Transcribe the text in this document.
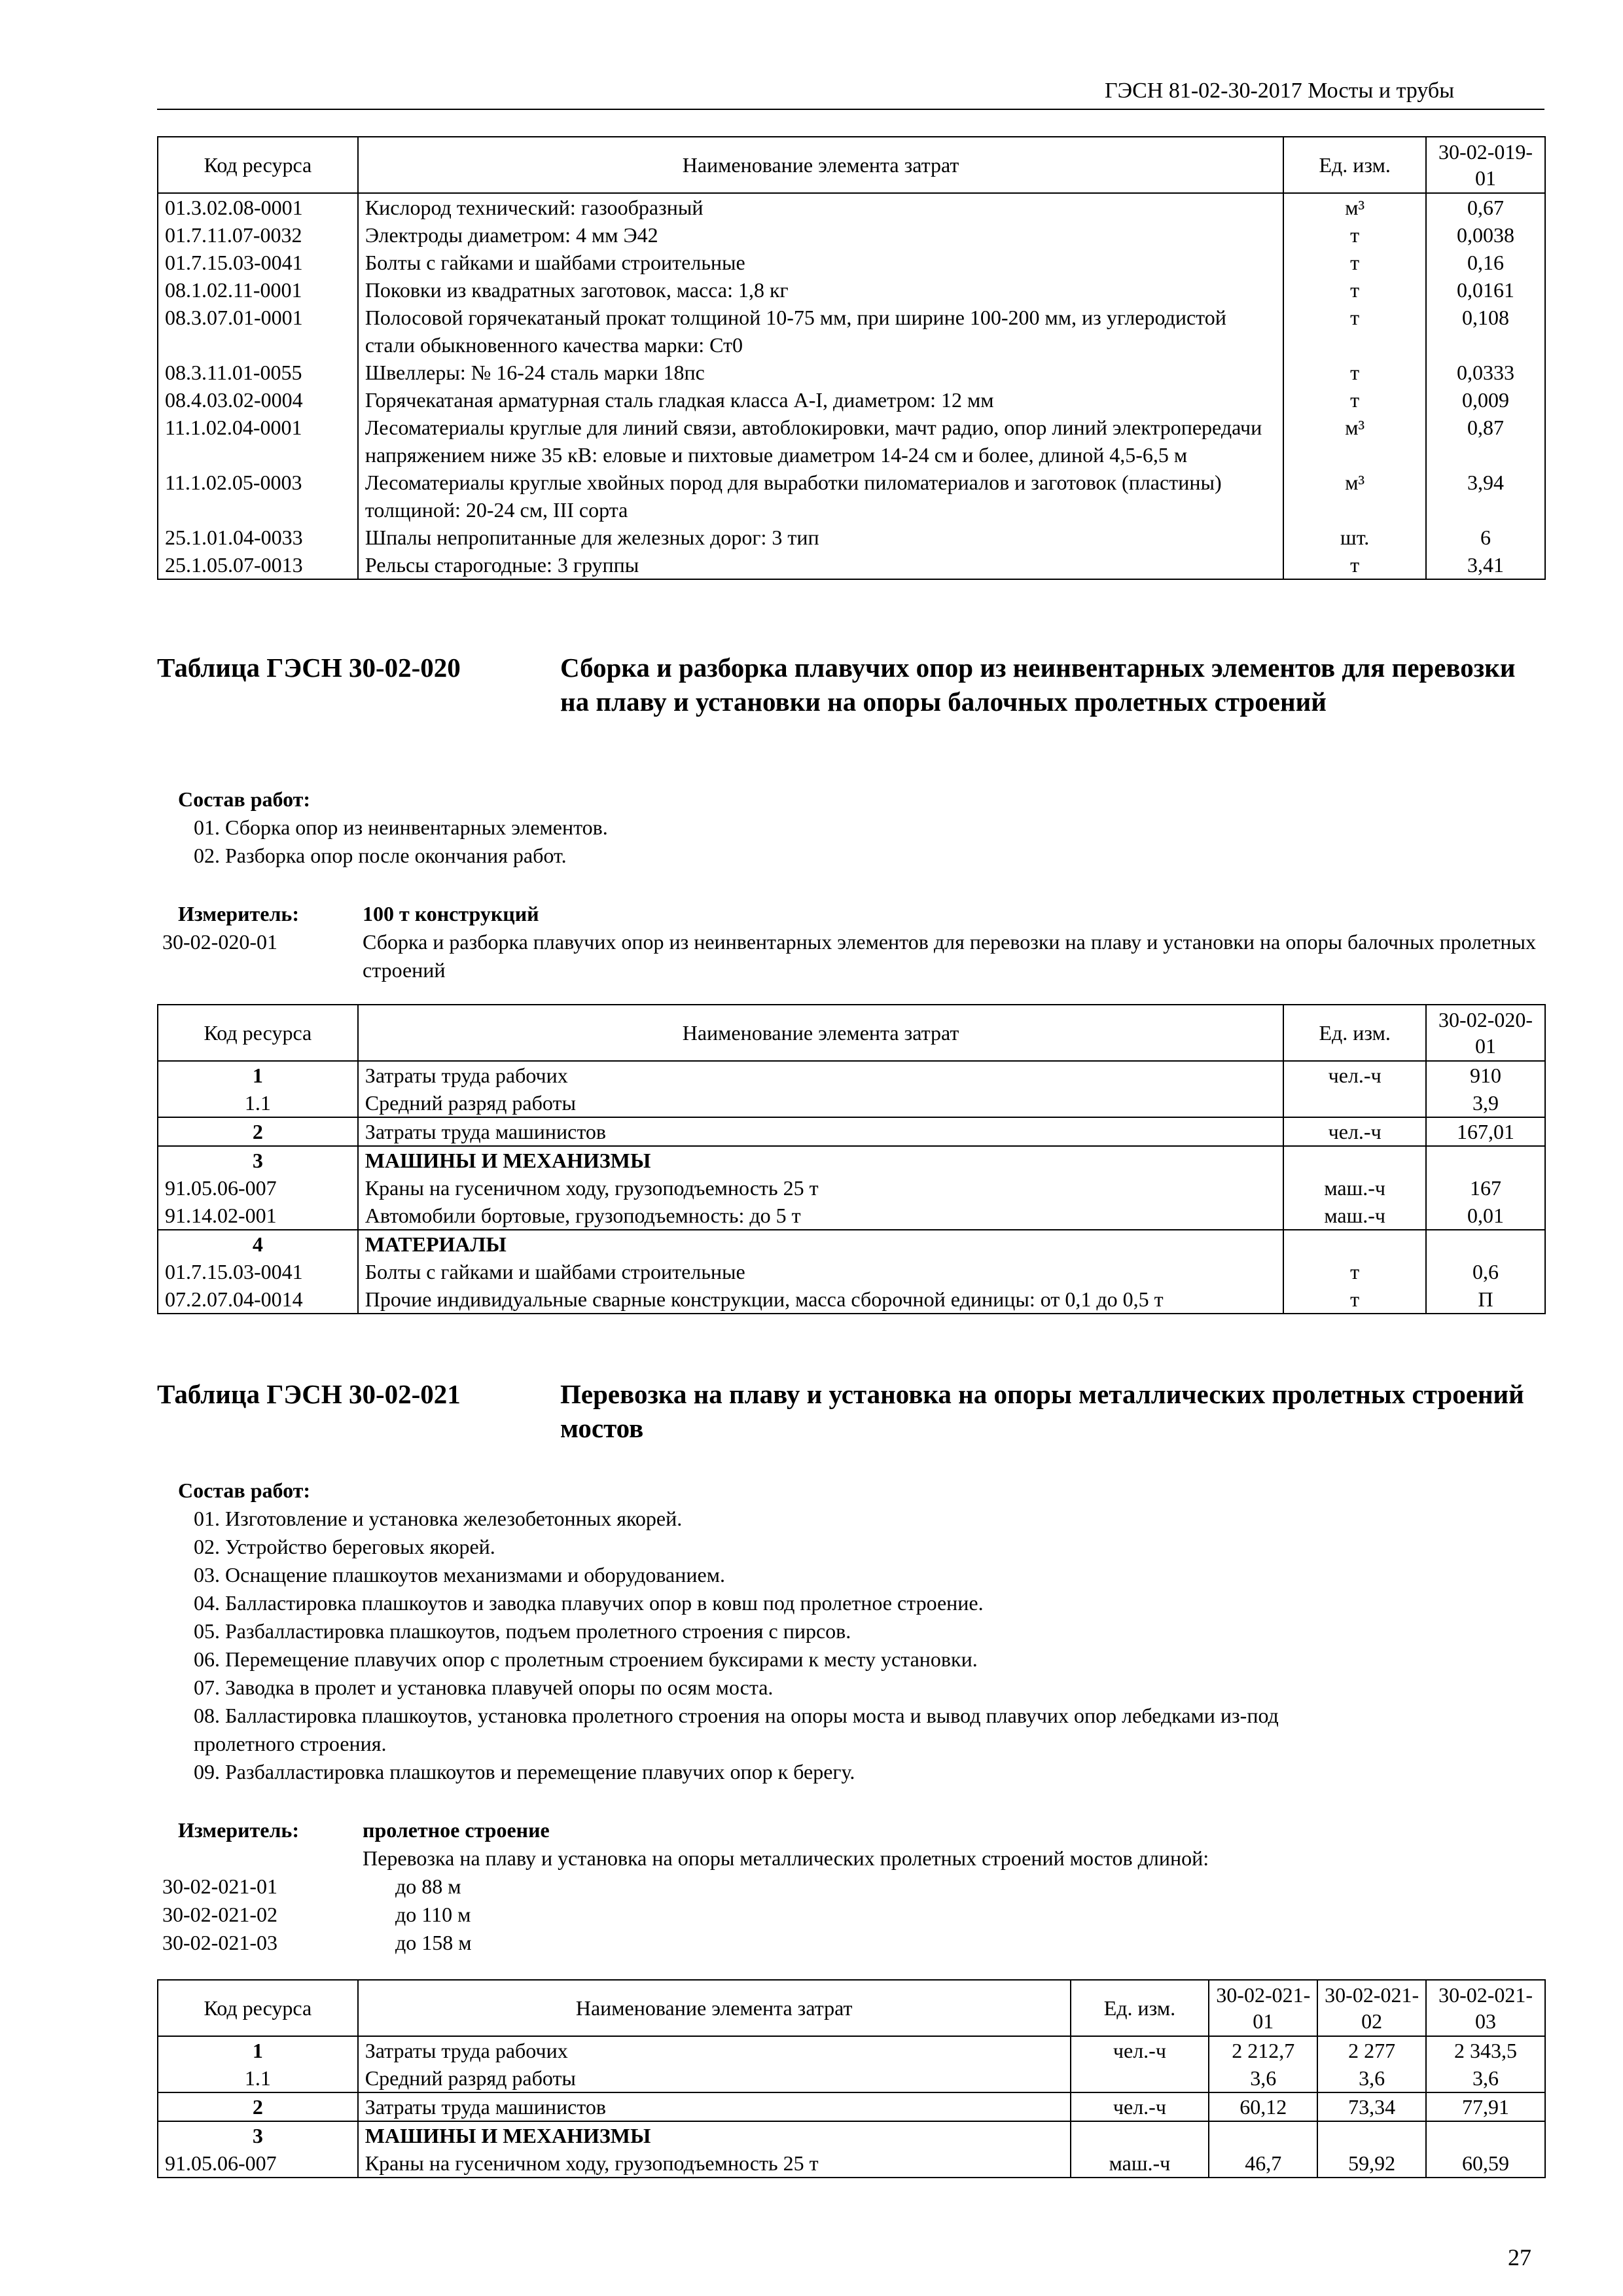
ГЭСН 81-02-30-2017 Мосты и трубы
Код ресурса	Наименование элемента затрат	Ед. изм.	30-02-019-01
01.3.02.08-0001	Кислород технический: газообразный	м³	0,67
01.7.11.07-0032	Электроды диаметром: 4 мм Э42	т	0,0038
01.7.15.03-0041	Болты с гайками и шайбами строительные	т	0,16
08.1.02.11-0001	Поковки из квадратных заготовок, масса: 1,8 кг	т	0,0161
08.3.07.01-0001	Полосовой горячекатаный прокат толщиной 10-75 мм, при ширине 100-200 мм, из углеродистой стали обыкновенного качества марки: Ст0	т	0,108
08.3.11.01-0055	Швеллеры: № 16-24 сталь марки 18пс	т	0,0333
08.4.03.02-0004	Горячекатаная арматурная сталь гладкая класса А-I, диаметром: 12 мм	т	0,009
11.1.02.04-0001	Лесоматериалы круглые для линий связи, автоблокировки, мачт радио, опор линий электропередачи напряжением ниже 35 кВ: еловые и пихтовые диаметром 14-24 см и более, длиной 4,5-6,5 м	м³	0,87
11.1.02.05-0003	Лесоматериалы круглые хвойных пород для выработки пиломатериалов и заготовок (пластины) толщиной: 20-24 см, III сорта	м³	3,94
25.1.01.04-0033	Шпалы непропитанные для железных дорог: 3 тип	шт.	6
25.1.05.07-0013	Рельсы старогодные: 3 группы	т	3,41
Таблица ГЭСН 30-02-020	Сборка и разборка плавучих опор из неинвентарных элементов для перевозки на плаву и установки на опоры балочных пролетных строений
Состав работ:
01. Сборка опор из неинвентарных элементов.
02. Разборка опор после окончания работ.
Измеритель:	100 т конструкций
30-02-020-01	Сборка и разборка плавучих опор из неинвентарных элементов для перевозки на плаву и установки на опоры балочных пролетных строений
Код ресурса	Наименование элемента затрат	Ед. изм.	30-02-020-01
1	Затраты труда рабочих	чел.-ч	910
1.1	Средний разряд работы		3,9
2	Затраты труда машинистов	чел.-ч	167,01
3	МАШИНЫ И МЕХАНИЗМЫ		
91.05.06-007	Краны на гусеничном ходу, грузоподъемность 25 т	маш.-ч	167
91.14.02-001	Автомобили бортовые, грузоподъемность: до 5 т	маш.-ч	0,01
4	МАТЕРИАЛЫ		
01.7.15.03-0041	Болты с гайками и шайбами строительные	т	0,6
07.2.07.04-0014	Прочие индивидуальные сварные конструкции, масса сборочной единицы: от 0,1 до 0,5 т	т	П
Таблица ГЭСН 30-02-021	Перевозка на плаву и установка на опоры металлических пролетных строений мостов
Состав работ:
01. Изготовление и установка железобетонных якорей.
02. Устройство береговых якорей.
03. Оснащение плашкоутов механизмами и оборудованием.
04. Балластировка плашкоутов и заводка плавучих опор в ковш под пролетное строение.
05. Разбалластировка плашкоутов, подъем пролетного строения с пирсов.
06. Перемещение плавучих опор с пролетным строением буксирами к месту установки.
07. Заводка в пролет и установка плавучей опоры по осям моста.
08. Балластировка плашкоутов, установка пролетного строения на опоры моста и вывод плавучих опор лебедками из-под
пролетного строения.
09. Разбалластировка плашкоутов и перемещение плавучих опор к берегу.
Измеритель:	пролетное строение
Перевозка на плаву и установка на опоры металлических пролетных строений мостов длиной:
30-02-021-01	до 88 м
30-02-021-02	до 110 м
30-02-021-03	до 158 м
Код ресурса	Наименование элемента затрат	Ед. изм.	30-02-021-01	30-02-021-02	30-02-021-03
1	Затраты труда рабочих	чел.-ч	2 212,7	2 277	2 343,5
1.1	Средний разряд работы		3,6	3,6	3,6
2	Затраты труда машинистов	чел.-ч	60,12	73,34	77,91
3	МАШИНЫ И МЕХАНИЗМЫ				
91.05.06-007	Краны на гусеничном ходу, грузоподъемность 25 т	маш.-ч	46,7	59,92	60,59
27
